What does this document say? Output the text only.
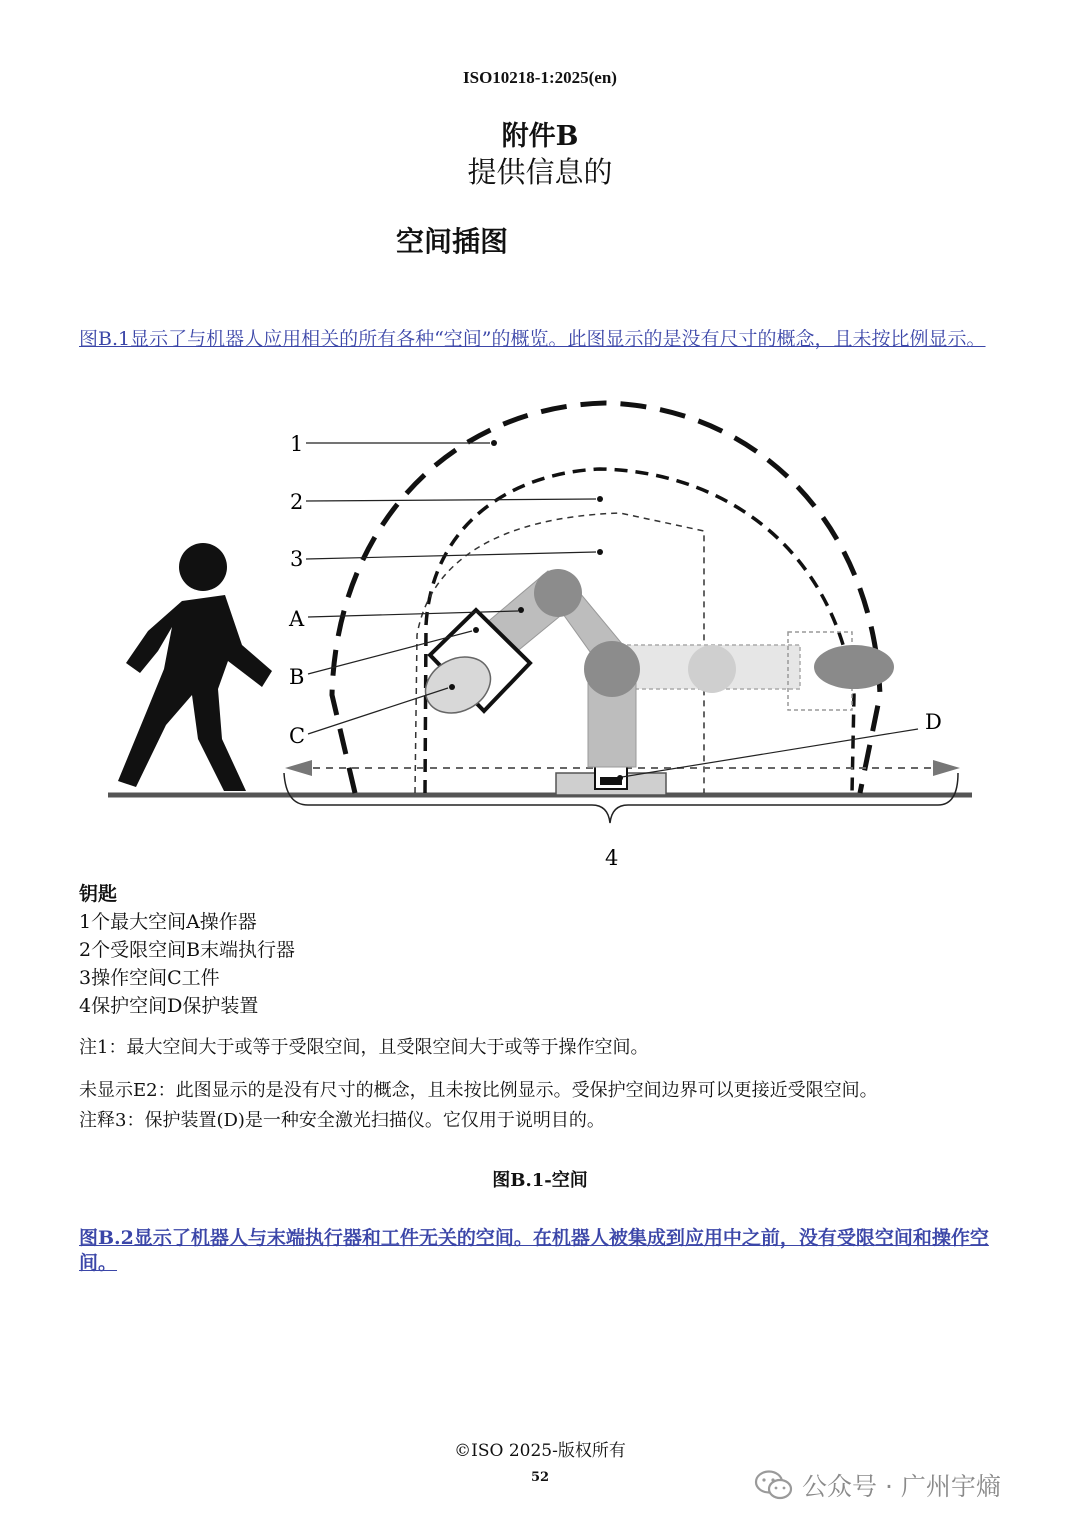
ISO10218-1:2025(en)
附件B
提供信息的
空间插图
图B.1显示了与机器人应用相关的所有各种“空间”的概览。此图显示的是没有尺寸的概念，且未按比例显示。
1
2
3
A
B
C
D
4
钥匙
1个最大空间A操作器
2个受限空间B末端执行器
3操作空间C工件
4保护空间D保护装置
注1：最大空间大于或等于受限空间，且受限空间大于或等于操作空间。
未显示E2：此图显示的是没有尺寸的概念，且未按比例显示。受保护空间边界可以更接近受限空间。
注释3：保护装置(D)是一种安全激光扫描仪。它仅用于说明目的。
图B.1-空间
图B.2显示了机器人与末端执行器和工件无关的空间。在机器人被集成到应用中之前，没有受限空间和操作空间。
©ISO 2025-版权所有
52	公众号 · 广州宇熵
